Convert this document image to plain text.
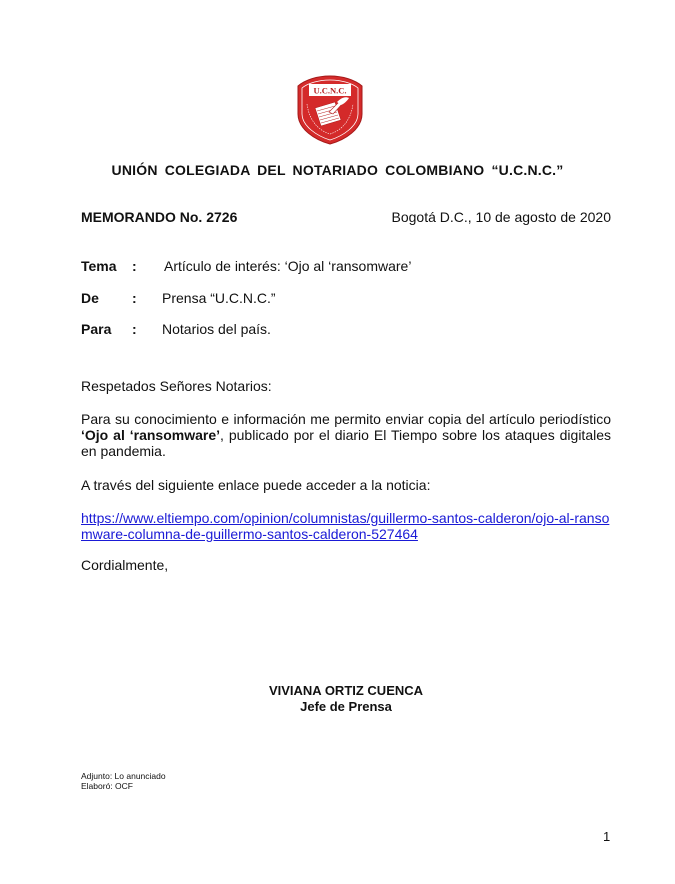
U.C.N.C.
UNIÓN COLEGIADA DEL NOTARIADO COLOMBIANO “U.C.N.C.”
MEMORANDO No. 2726	Bogotá D.C., 10 de agosto de 2020
Tema	: Artículo de interés: ‘Ojo al ‘ransomware’
De	: Prensa “U.C.N.C.”
Para	: Notarios del país.
Respetados Señores Notarios:
Para su conocimiento e información me permito enviar copia del artículo periodístico ‘Ojo al ‘ransomware’, publicado por el diario El Tiempo sobre los ataques digitales en pandemia.
A través del siguiente enlace puede acceder a la noticia:
https://www.eltiempo.com/opinion/columnistas/guillermo-santos-calderon/ojo-al-ransomware-columna-de-guillermo-santos-calderon-527464
Cordialmente,
VIVIANA ORTIZ CUENCA
Jefe de Prensa
Adjunto: Lo anunciado
Elaboró: OCF
1
